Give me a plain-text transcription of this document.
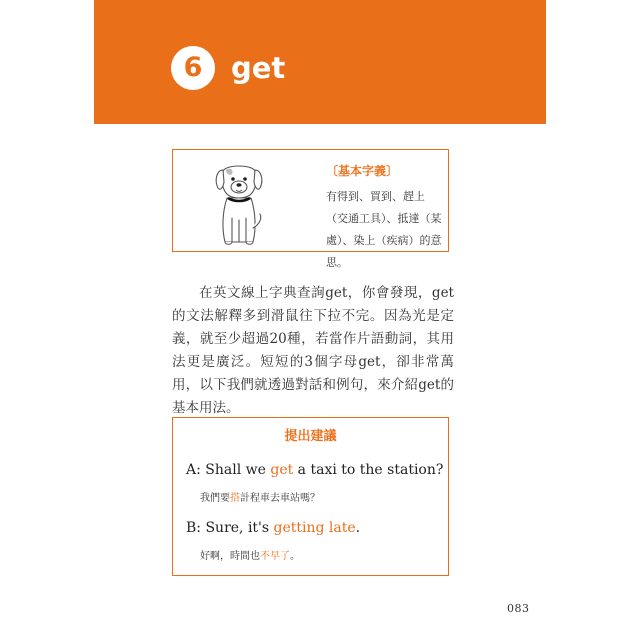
6 get
〔基本字義〕
有得到、買到、趕上（交通工具）、抵達（某處）、染上（疾病）的意思。
在英文線上字典查詢get，你會發現，get的文法解釋多到滑鼠往下拉不完。因為光是定義，就至少超過20種，若當作片語動詞，其用法更是廣泛。短短的3個字母get，卻非常萬用，以下我們就透過對話和例句，來介紹get的基本用法。
提出建議
A: Shall we get a taxi to the station?
我們要搭計程車去車站嗎？
B: Sure, it's getting late.
好啊，時間也不早了。
083
